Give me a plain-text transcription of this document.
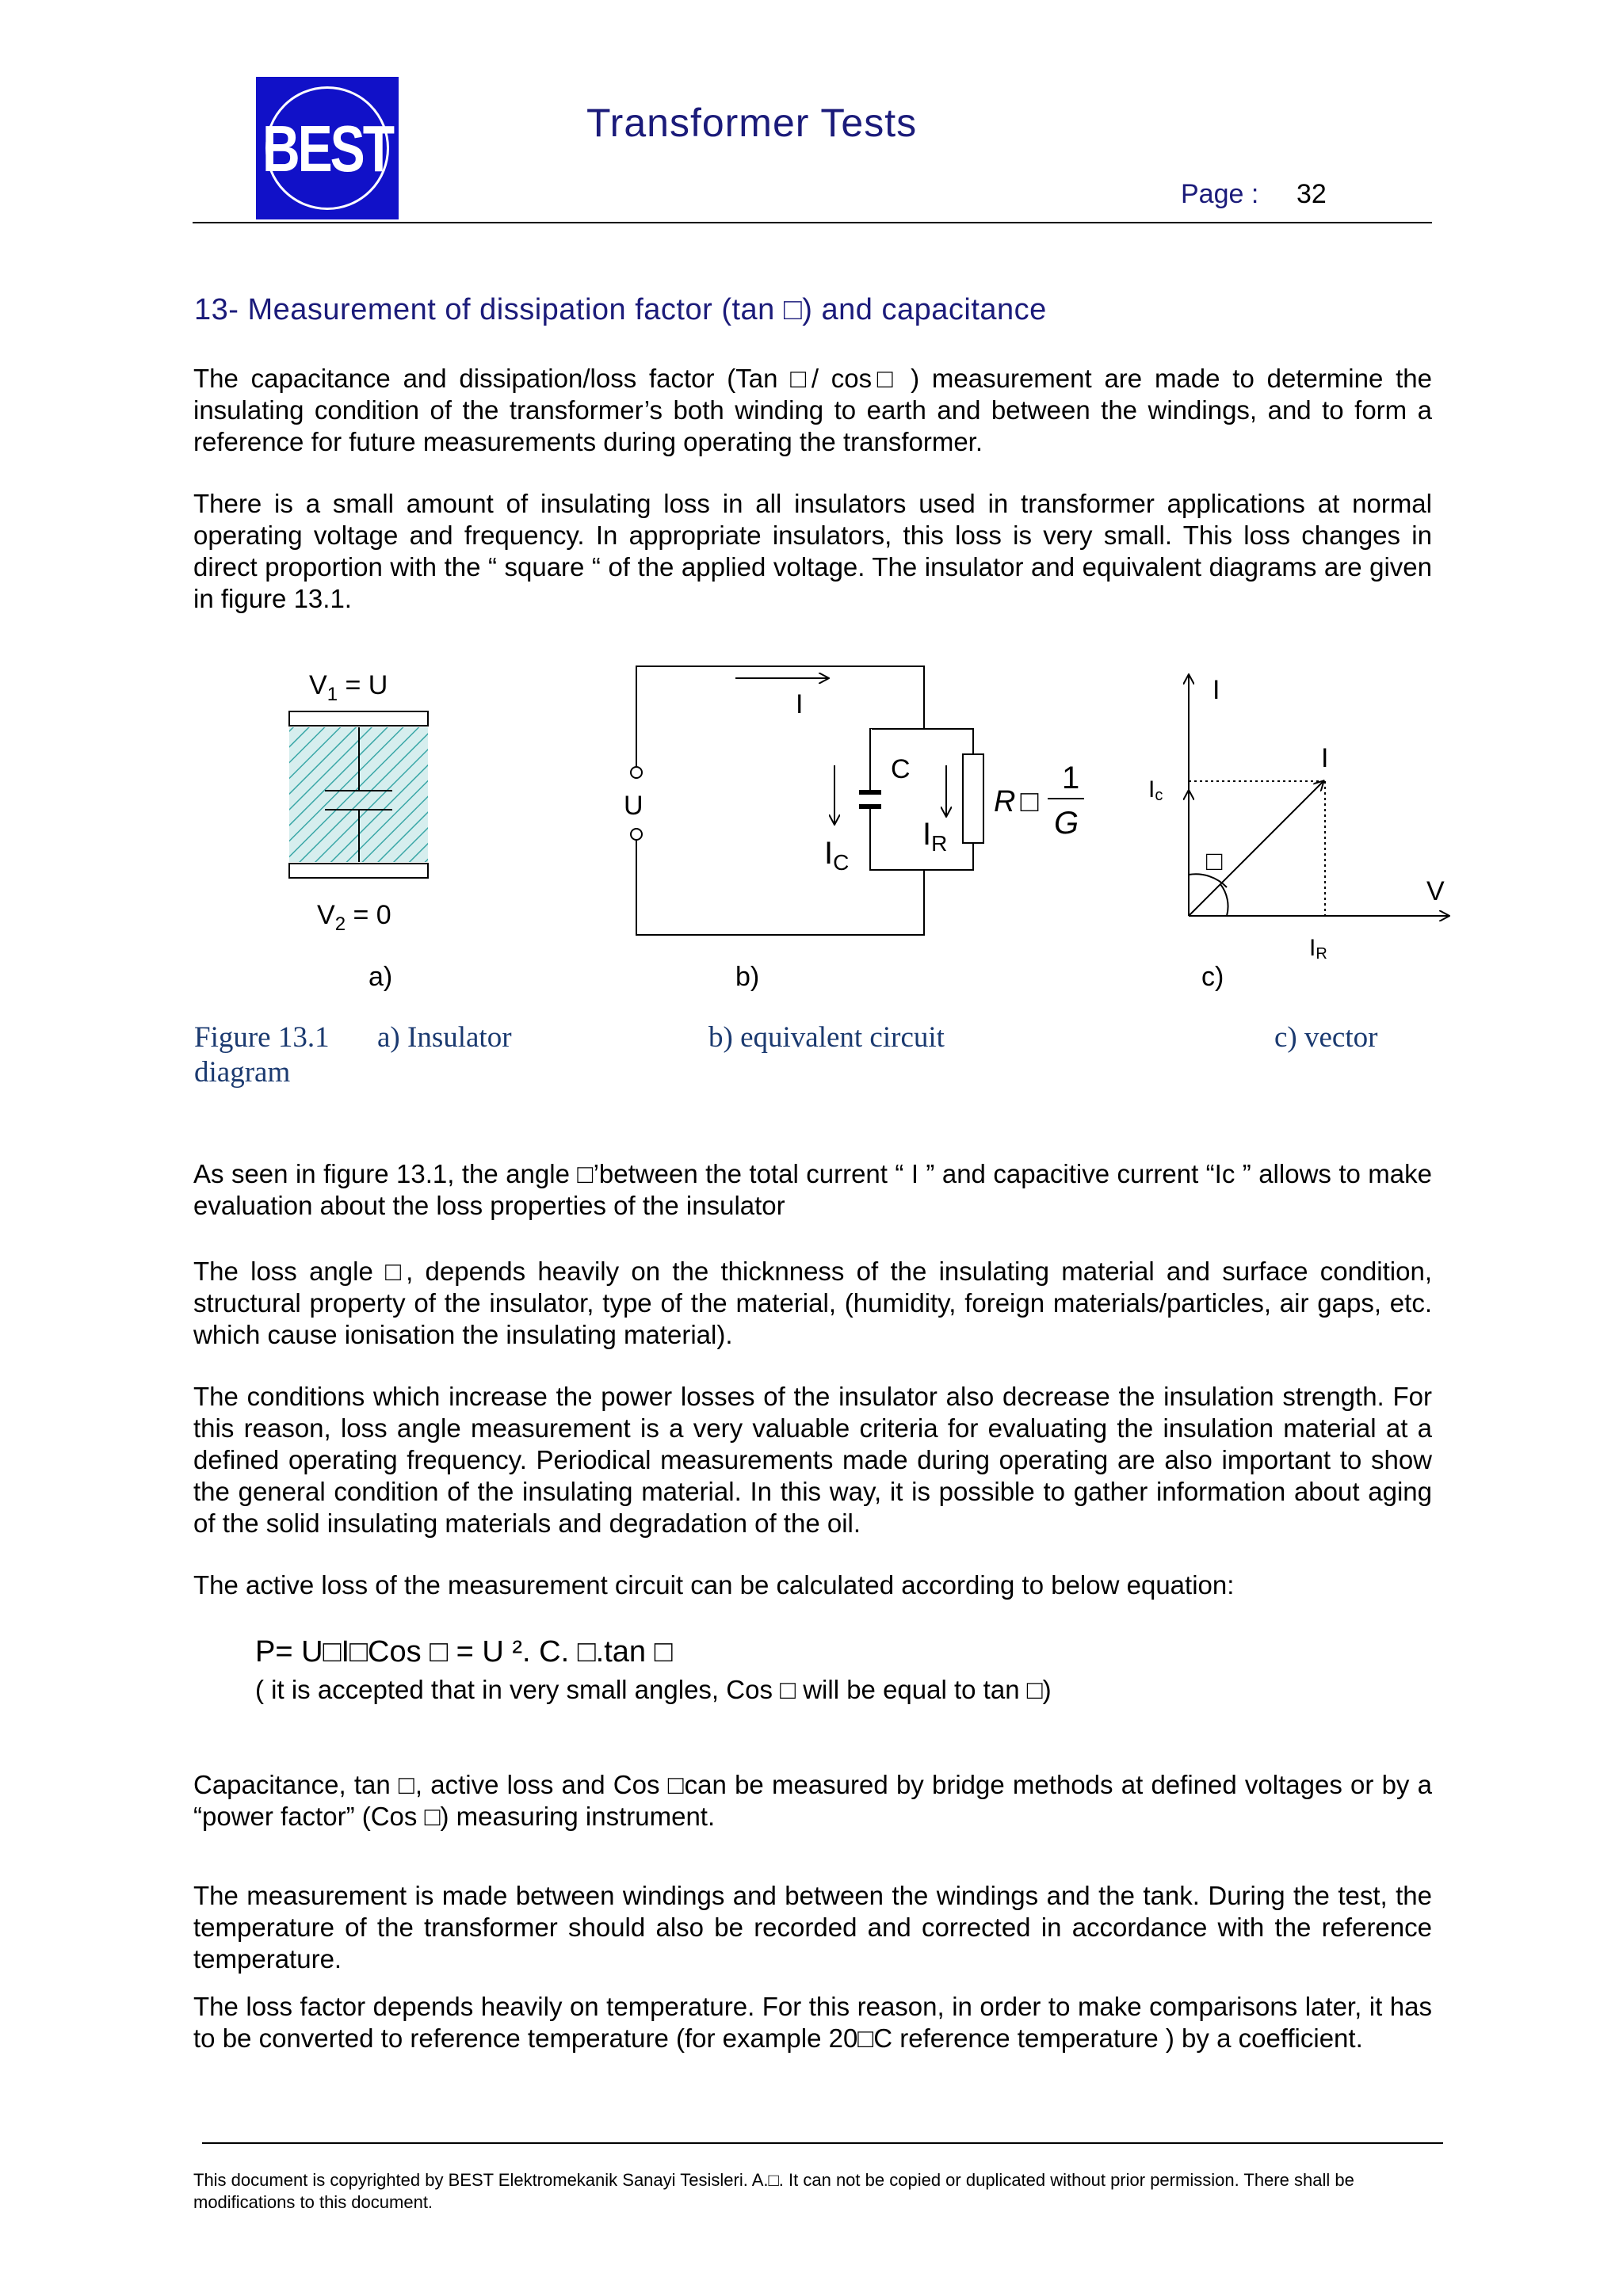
BEST	Transformer Tests
Page : 32
13- Measurement of dissipation factor (tan □) and capacitance
The capacitance and dissipation/loss factor (Tan □/ cos□ ) measurement are made to determine the insulating condition of the transformer’s both winding to earth and between the windings, and to form a reference for future measurements during operating the transformer.
There is a small amount of insulating loss in all insulators used in transformer applications at normal operating voltage and frequency. In appropriate insulators, this loss is very small. This loss changes in direct proportion with the “ square “ of the applied voltage. The insulator and equivalent diagrams are given in figure 13.1.
$V_1 = U$
$V_2 = 0$
a)
U
I
C
$I_C$
$I_R$
R □
1
G
b)
I
V
I
Ic
□
IR
c)
Figure 13.1 a) Insulator	b) equivalent circuit	c) vector
diagram
As seen in figure 13.1, the angle □’between the total current “ I ” and capacitive current “Iᴄ ” allows to make evaluation about the loss properties of the insulator
The loss angle □, depends heavily on the thicknness of the insulating material and surface condition, structural property of the insulator, type of the material, (humidity, foreign materials/particles, air gaps, etc. which cause ionisation the insulating material).
The conditions which increase the power losses of the insulator also decrease the insulation strength. For this reason, loss angle measurement is a very valuable criteria for evaluating the insulation material at a defined operating frequency. Periodical measurements made during operating are also important to show the general condition of the insulating material. In this way, it is possible to gather information about aging of the solid insulating materials and degradation of the oil.
The active loss of the measurement circuit can be calculated according to below equation:
P= U□I□Cos □ = U ². C. □.tan □
( it is accepted that in very small angles, Cos □ will be equal to tan □)
Capacitance, tan □, active loss and Cos □can be measured by bridge methods at defined voltages or by a “power factor” (Cos □) measuring instrument.
The measurement is made between windings and between the windings and the tank. During the test, the temperature of the transformer should also be recorded and corrected in accordance with the reference temperature.
The loss factor depends heavily on temperature. For this reason, in order to make comparisons later, it has to be converted to reference temperature (for example 20□C reference temperature ) by a coefficient.
This document is copyrighted by BEST Elektromekanik Sanayi Tesisleri. A.□. It can not be copied or duplicated without prior permission. There shall be modifications to this document.
